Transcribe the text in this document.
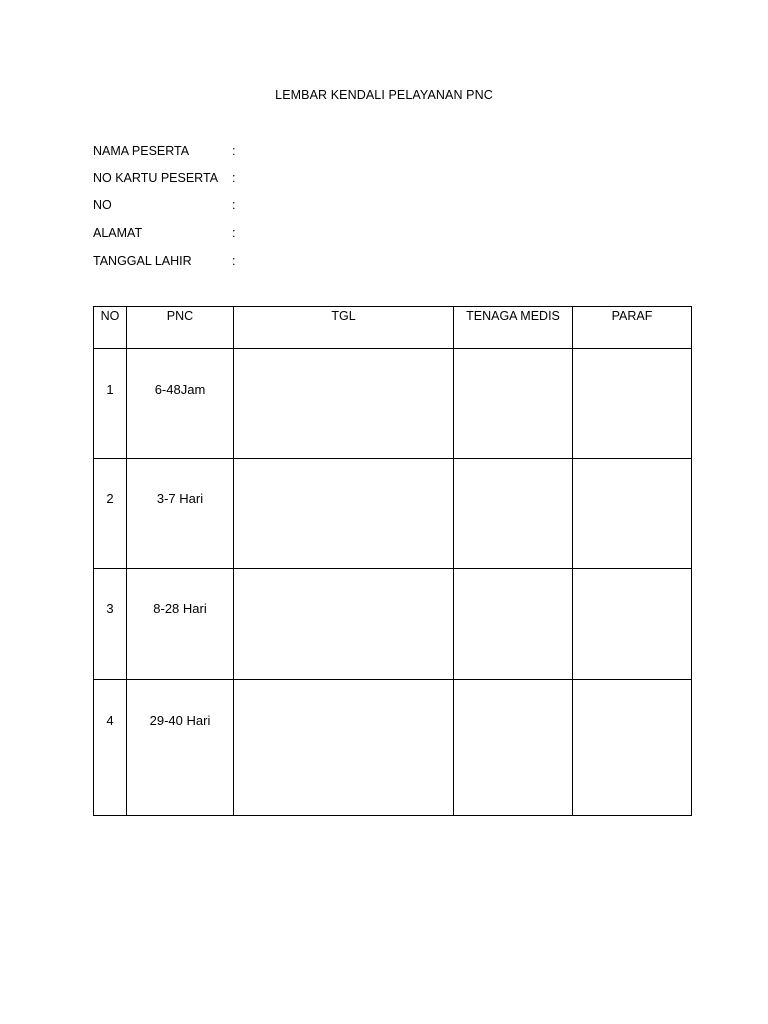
LEMBAR KENDALI PELAYANAN PNC
NAMA PESERTA	:
NO KARTU PESERTA :
NO	:
ALAMAT	:
TANGGAL LAHIR	:
NO	PNC	TGL	TENAGA MEDIS	PARAF
1	6-48Jam			
2	3-7 Hari			
3	8-28 Hari			
4	29-40 Hari			
